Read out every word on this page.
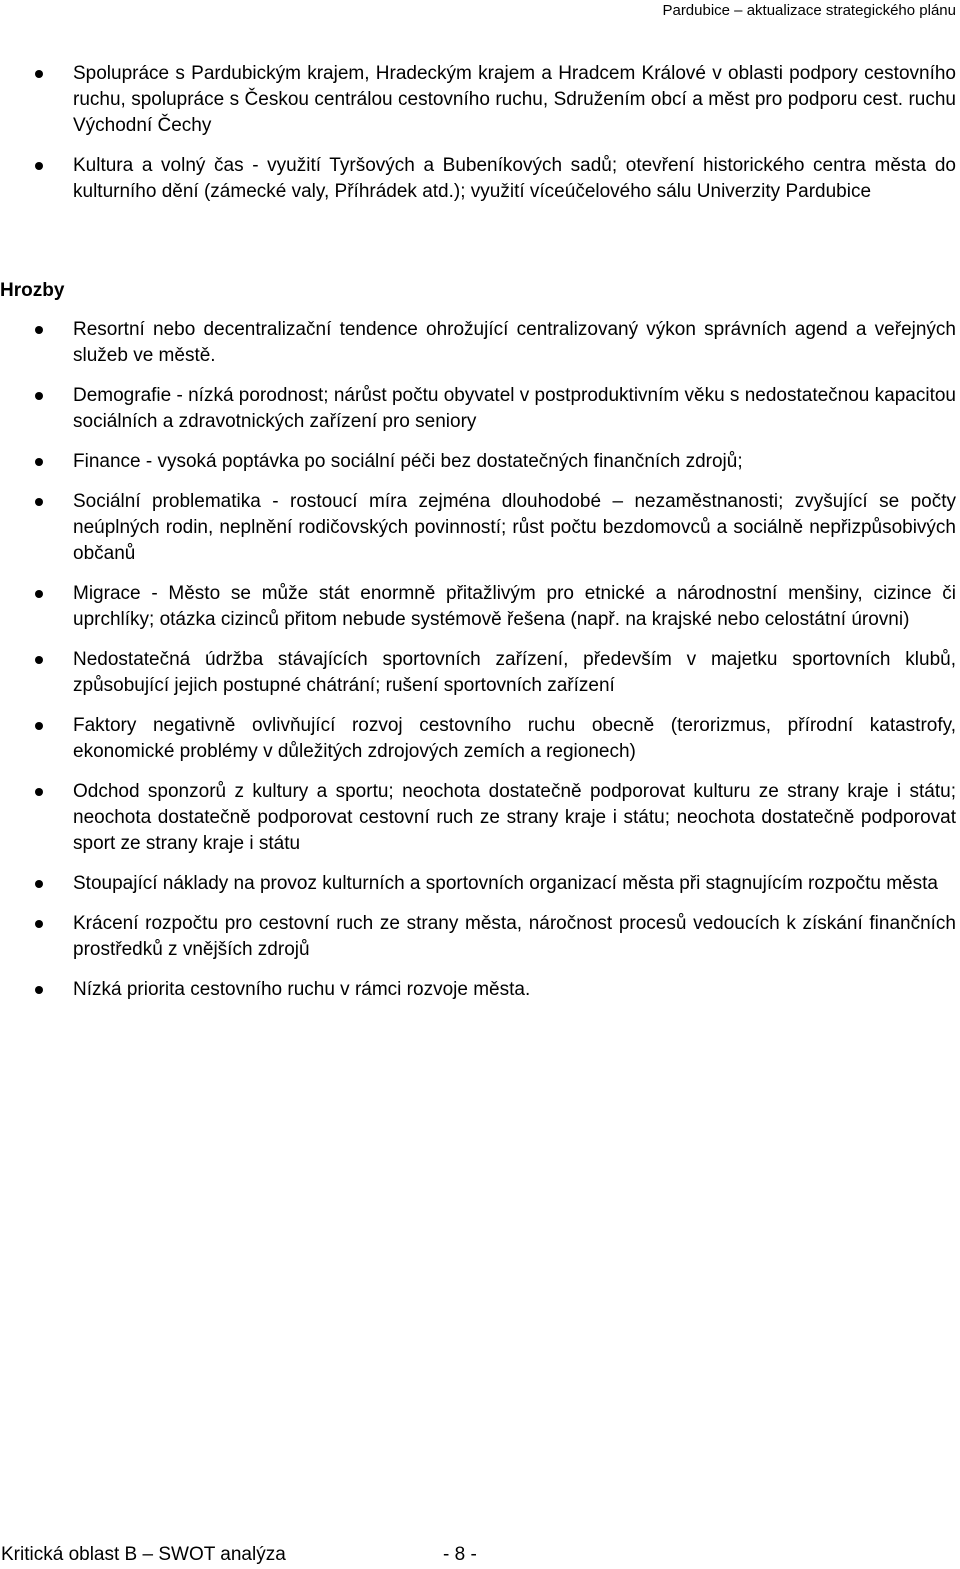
Pardubice – aktualizace strategického plánu
Spolupráce s Pardubickým krajem, Hradeckým krajem a Hradcem Králové v oblasti podpory cestovního ruchu, spolupráce s Českou centrálou cestovního ruchu, Sdružením obcí a měst pro podporu cest. ruchu Východní Čechy
Kultura a volný čas - využití Tyršových a Bubeníkových sadů; otevření historického centra města do kulturního dění (zámecké valy, Příhrádek atd.); využití víceúčelového sálu Univerzity Pardubice
Hrozby
Resortní nebo decentralizační tendence ohrožující centralizovaný výkon správních agend a veřejných služeb ve městě.
Demografie - nízká porodnost; nárůst počtu obyvatel v postproduktivním věku s nedostatečnou kapacitou sociálních a zdravotnických zařízení pro seniory
Finance - vysoká poptávka po sociální péči bez dostatečných finančních zdrojů;
Sociální problematika - rostoucí míra zejména dlouhodobé – nezaměstnanosti; zvyšující se počty neúplných rodin, neplnění rodičovských povinností; růst počtu bezdomovců a sociálně nepřizpůsobivých občanů
Migrace - Město se může stát enormně přitažlivým pro etnické a národnostní menšiny, cizince či uprchlíky; otázka cizinců přitom nebude systémově řešena (např. na krajské nebo celostátní úrovni)
Nedostatečná údržba stávajících sportovních zařízení, především v majetku sportovních klubů, způsobující jejich postupné chátrání; rušení sportovních zařízení
Faktory negativně ovlivňující rozvoj cestovního ruchu obecně (terorizmus, přírodní katastrofy, ekonomické problémy v důležitých zdrojových zemích a regionech)
Odchod sponzorů z kultury a sportu; neochota dostatečně podporovat kulturu ze strany kraje i státu; neochota dostatečně podporovat cestovní ruch ze strany kraje i státu; neochota dostatečně podporovat sport ze strany kraje i státu
Stoupající náklady na provoz kulturních a sportovních organizací města při stagnujícím rozpočtu města
Krácení rozpočtu pro cestovní ruch ze strany města, náročnost procesů vedoucích k získání finančních prostředků z vnějších zdrojů
Nízká priorita cestovního ruchu v rámci rozvoje města.
Kritická oblast B – SWOT analýza	- 8 -
